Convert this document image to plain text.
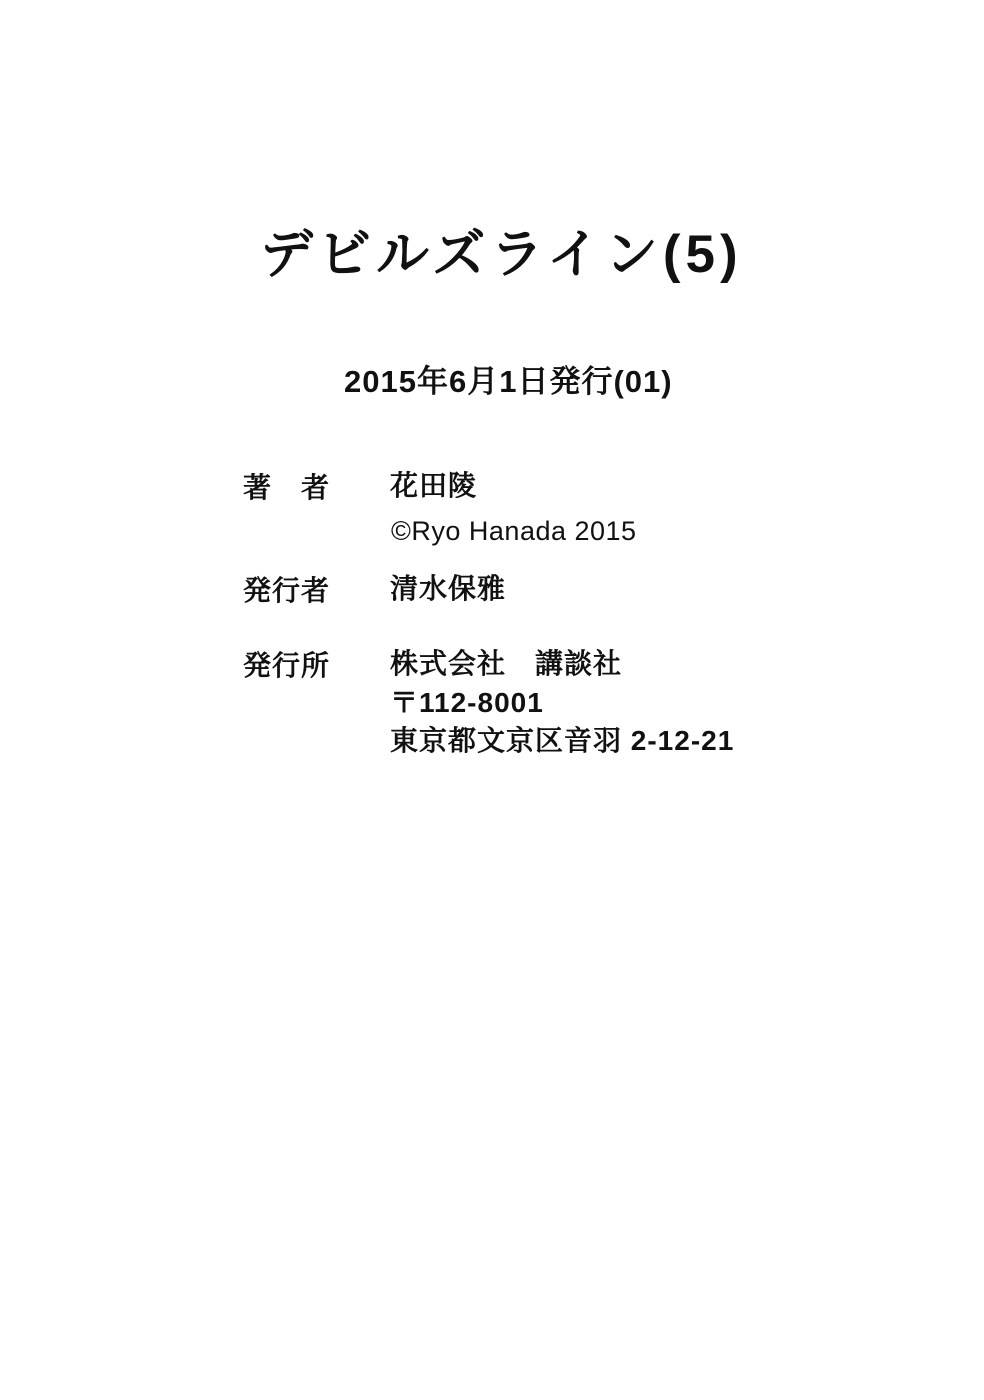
デビルズライン(5)
2015年6月1日発行(01)
著　者 花田陵
©Ryo Hanada 2015
発行者 清水保雅
発行所 株式会社　講談社
〒112-8001
東京都文京区音羽 2-12-21
